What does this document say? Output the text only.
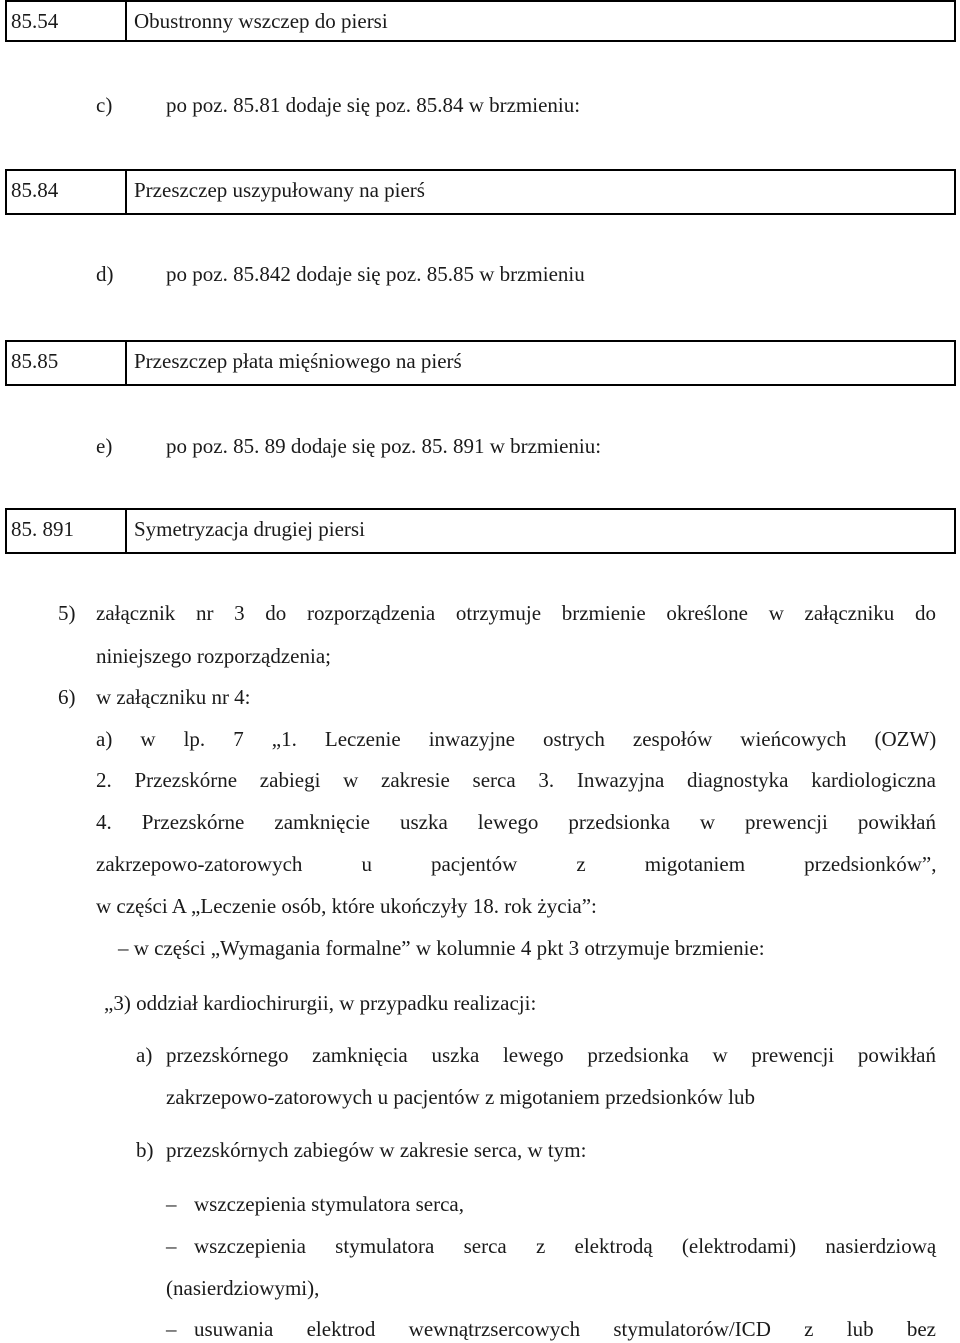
85.54	Obustronny wszczep do piersi
c)	po poz. 85.81 dodaje się poz. 85.84 w brzmieniu:
85.84	Przeszczep uszypułowany na pierś
d)	po poz. 85.842 dodaje się poz. 85.85 w brzmieniu
85.85	Przeszczep płata mięśniowego na pierś
e)	po poz. 85. 89 dodaje się poz. 85. 891 w brzmieniu:
85. 891	Symetryzacja drugiej piersi
5) załącznik nr 3 do rozporządzenia otrzymuje brzmienie określone w załączniku do
niniejszego rozporządzenia;
6) w załączniku nr 4:
a) w lp. 7 „1. Leczenie inwazyjne ostrych zespołów wieńcowych (OZW)
2. Przezskórne zabiegi w zakresie serca 3. Inwazyjna diagnostyka kardiologiczna
4. Przezskórne zamknięcie uszka lewego przedsionka w prewencji powikłań
zakrzepowo-zatorowych u pacjentów z migotaniem przedsionków”,
w części A „Leczenie osób, które ukończyły 18. rok życia”:
– w części „Wymagania formalne” w kolumnie 4 pkt 3 otrzymuje brzmienie:
„3) oddział kardiochirurgii, w przypadku realizacji:
a) przezskórnego zamknięcia uszka lewego przedsionka w prewencji powikłań
zakrzepowo-zatorowych u pacjentów z migotaniem przedsionków lub
b) przezskórnych zabiegów w zakresie serca, w tym:
– wszczepienia stymulatora serca,
– wszczepienia stymulatora serca z elektrodą (elektrodami) nasierdziową
(nasierdziowymi),
– usuwania elektrod wewnątrzsercowych stymulatorów/ICD z lub bez
